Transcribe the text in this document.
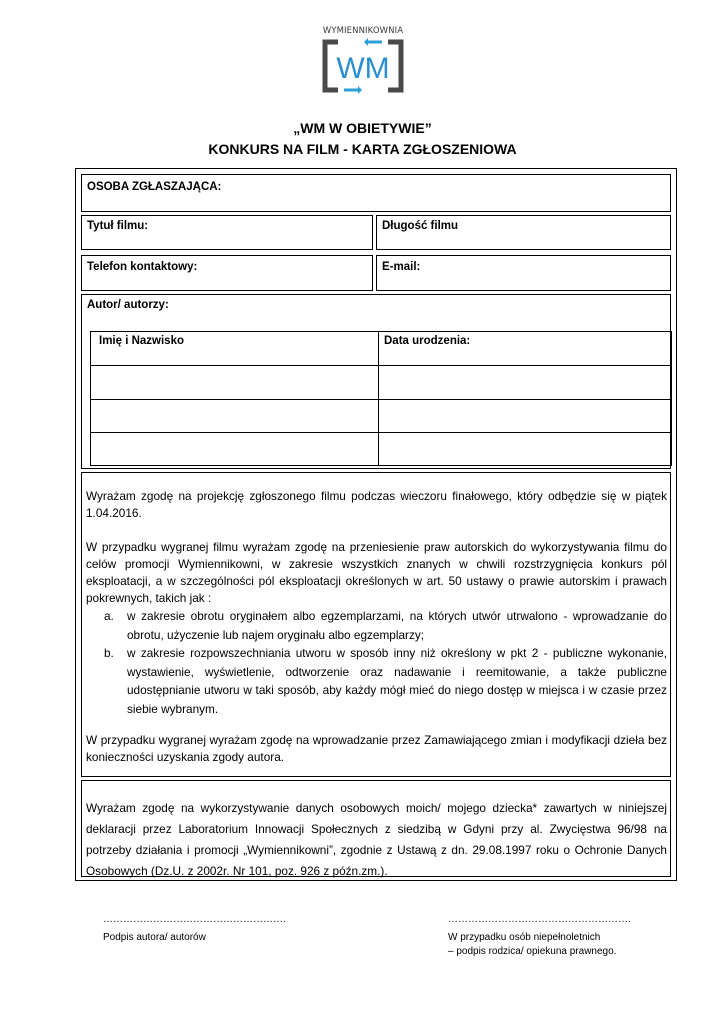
WYMIENNIKOWNIA
WM
„WM W OBIETYWIE”
KONKURS NA FILM - KARTA ZGŁOSZENIOWA
OSOBA ZGŁASZAJĄCA:
Tytuł filmu:	Długość filmu
Telefon kontaktowy:	E-mail:
Autor/ autorzy:
Imię i Nazwisko	Data urodzenia:

Wyrażam zgodę na projekcję zgłoszonego filmu podczas wieczoru finałowego, który odbędzie się w piątek 1.04.2016.

W przypadku wygranej filmu wyrażam zgodę na przeniesienie praw autorskich do wykorzystywania filmu do celów promocji Wymiennikowni, w zakresie wszystkich znanych w chwili rozstrzygnięcia konkurs pól eksploatacji, a w szczególności pól eksploatacji określonych w art. 50 ustawy o prawie autorskim i prawach pokrewnych, takich jak :

a. w zakresie obrotu oryginałem albo egzemplarzami, na których utwór utrwalono - wprowadzanie do obrotu, użyczenie lub najem oryginału albo egzemplarzy;
b. w zakresie rozpowszechniania utworu w sposób inny niż określony w pkt 2 - publiczne wykonanie, wystawienie, wyświetlenie, odtworzenie oraz nadawanie i reemitowanie, a także publiczne udostępnianie utworu w taki sposób, aby każdy mógł mieć do niego dostęp w miejsca i w czasie przez siebie wybranym.

W przypadku wygranej wyrażam zgodę na wprowadzanie przez Zamawiającego zmian i modyfikacji dzieła bez konieczności uzyskania zgody autora.

Wyrażam zgodę na wykorzystywanie danych osobowych moich/ mojego dziecka* zawartych w niniejszej deklaracji przez Laboratorium Innowacji Społecznych z siedzibą w Gdyni przy al. Zwycięstwa 96/98 na potrzeby działania i promocji „Wymiennikowni”, zgodnie z Ustawą z dn. 29.08.1997 roku o Ochronie Danych Osobowych (Dz.U. z 2002r. Nr 101, poz. 926 z późn.zm.).
……………………………………………….
Podpis autora/ autorów
……………………………………………….
W przypadku osób niepełnoletnich
– podpis rodzica/ opiekuna prawnego.
